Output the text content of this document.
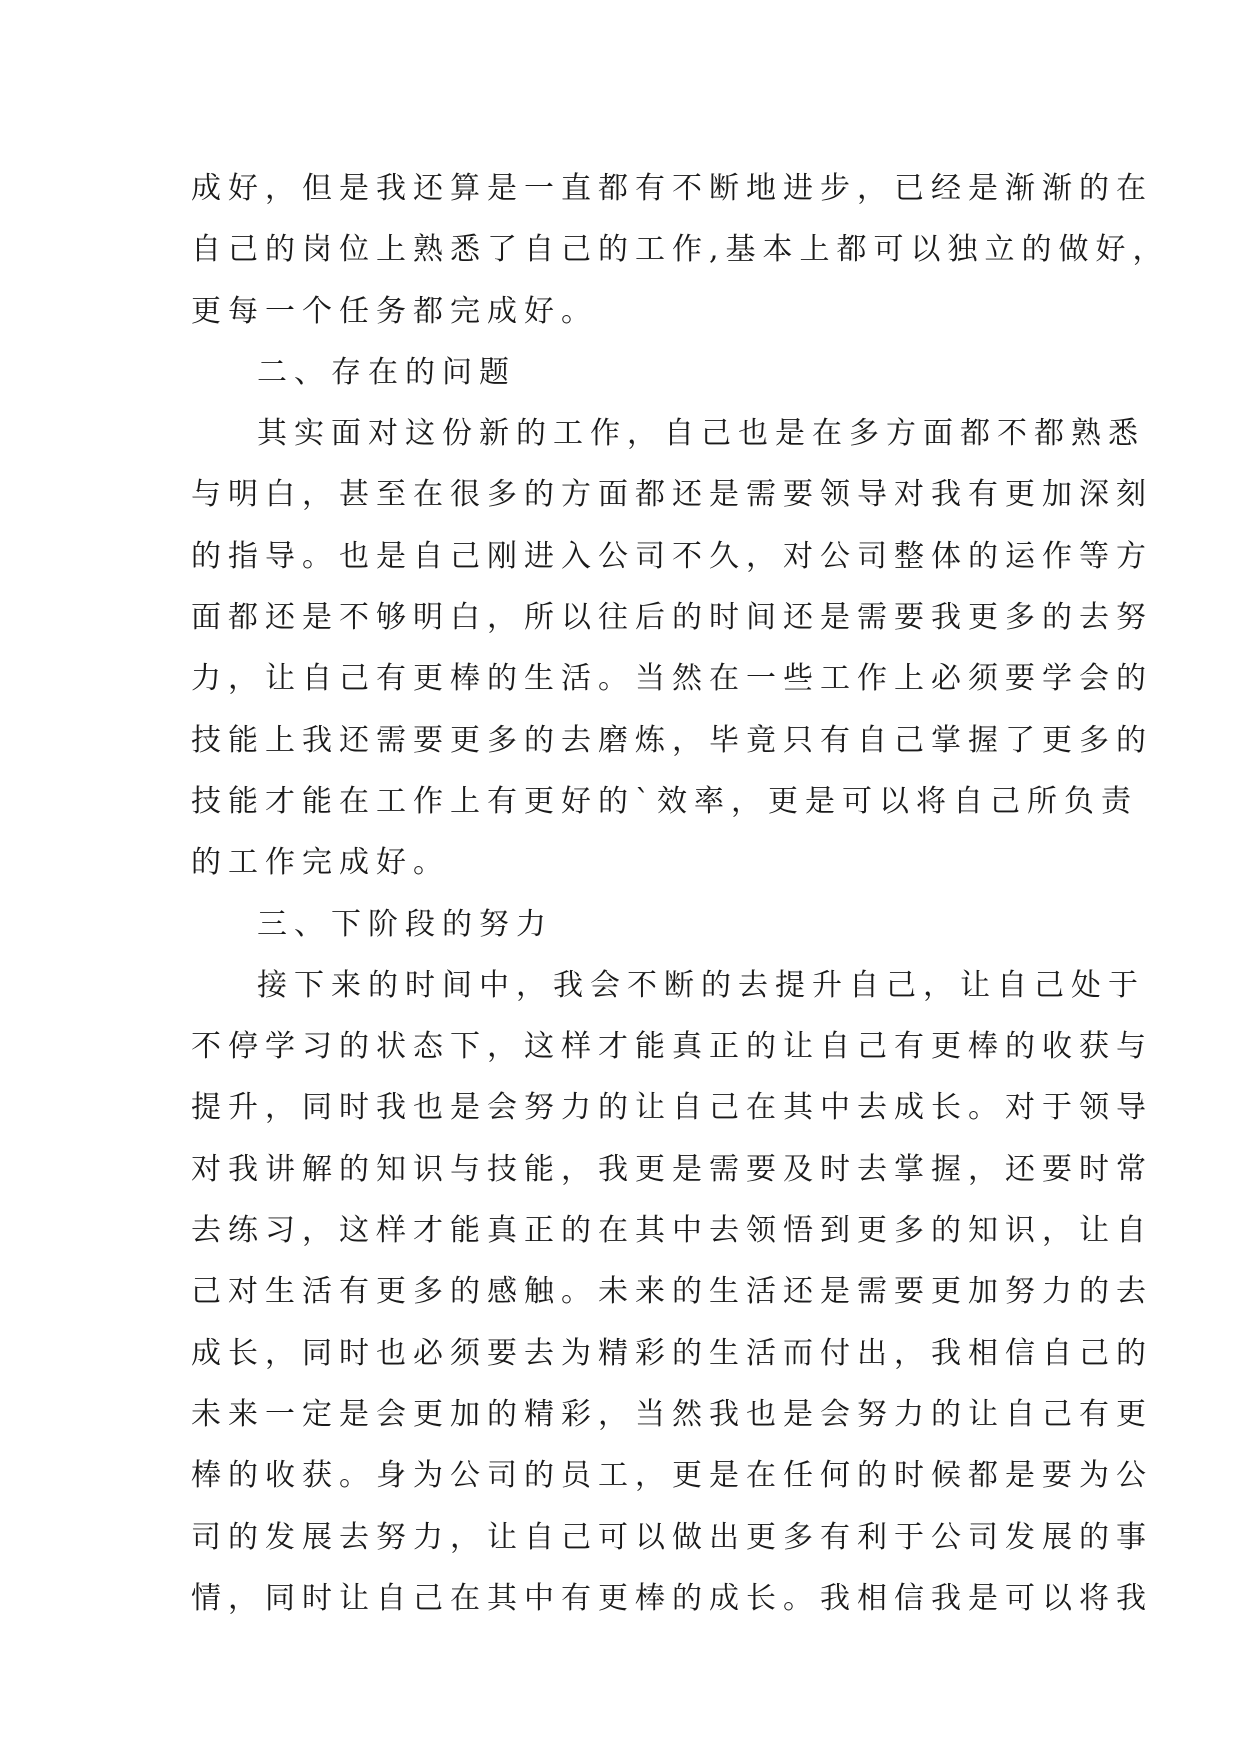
成好，但是我还算是一直都有不断地进步，已经是渐渐的在
自己的岗位上熟悉了自己的工作,基本上都可以独立的做好，
更每一个任务都完成好。
二、存在的问题
其实面对这份新的工作，自己也是在多方面都不都熟悉
与明白，甚至在很多的方面都还是需要领导对我有更加深刻
的指导。也是自己刚进入公司不久，对公司整体的运作等方
面都还是不够明白，所以往后的时间还是需要我更多的去努
力，让自己有更棒的生活。当然在一些工作上必须要学会的
技能上我还需要更多的去磨炼，毕竟只有自己掌握了更多的
技能才能在工作上有更好的`效率，更是可以将自己所负责
的工作完成好。
三、下阶段的努力
接下来的时间中，我会不断的去提升自己，让自己处于
不停学习的状态下，这样才能真正的让自己有更棒的收获与
提升，同时我也是会努力的让自己在其中去成长。对于领导
对我讲解的知识与技能，我更是需要及时去掌握，还要时常
去练习，这样才能真正的在其中去领悟到更多的知识，让自
己对生活有更多的感触。未来的生活还是需要更加努力的去
成长，同时也必须要去为精彩的生活而付出，我相信自己的
未来一定是会更加的精彩，当然我也是会努力的让自己有更
棒的收获。身为公司的员工，更是在任何的时候都是要为公
司的发展去努力，让自己可以做出更多有利于公司发展的事
情，同时让自己在其中有更棒的成长。我相信我是可以将我
